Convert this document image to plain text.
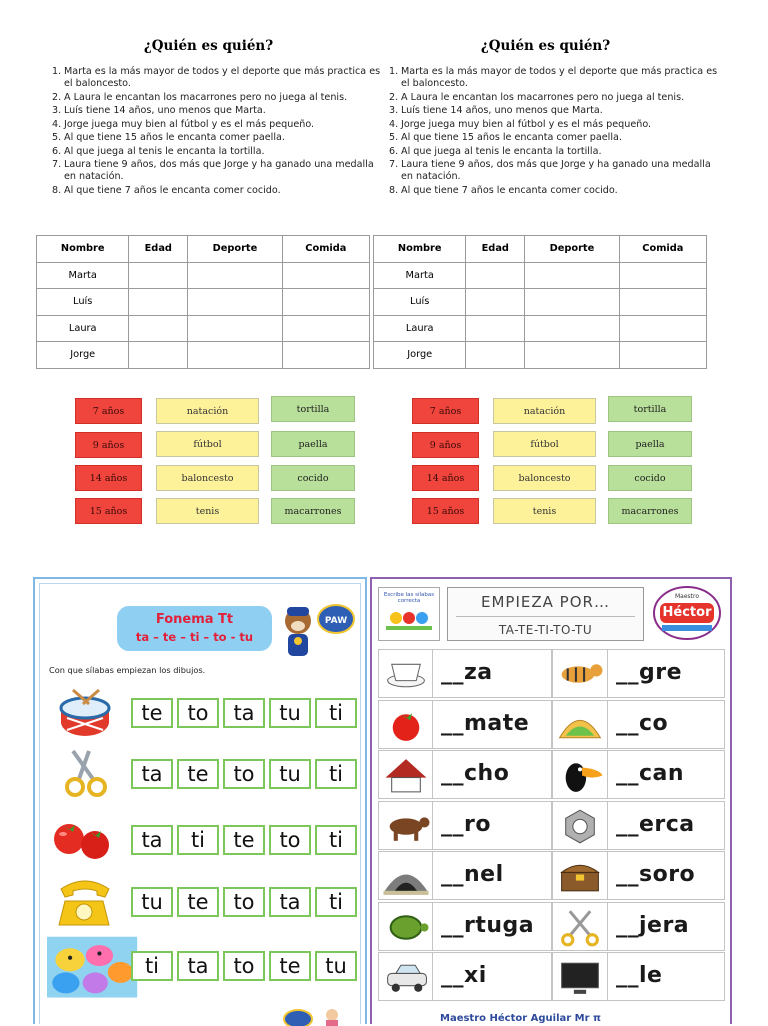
¿Quién es quién?
1. Marta es la más mayor de todos y el deporte que más practica es el baloncesto.
2. A Laura le encantan los macarrones pero no juega al tenis.
3. Luís tiene 14 años, uno menos que Marta.
4. Jorge juega muy bien al fútbol y es el más pequeño.
5. Al que tiene 15 años le encanta comer paella.
6. Al que juega al tenis le encanta la tortilla.
7. Laura tiene 9 años, dos más que Jorge y ha ganado una medalla en natación.
8. Al que tiene 7 años le encanta comer cocido.
Nombre	Edad	Deporte	Comida
Marta			
Luís			
Laura			
Jorge			
7 años
9 años
14 años
15 años
natación
fútbol
baloncesto
tenis
tortilla
paella
cocido
macarrones
¿Quién es quién?
1. Marta es la más mayor de todos y el deporte que más practica es el baloncesto.
2. A Laura le encantan los macarrones pero no juega al tenis.
3. Luís tiene 14 años, uno menos que Marta.
4. Jorge juega muy bien al fútbol y es el más pequeño.
5. Al que tiene 15 años le encanta comer paella.
6. Al que juega al tenis le encanta la tortilla.
7. Laura tiene 9 años, dos más que Jorge y ha ganado una medalla en natación.
8. Al que tiene 7 años le encanta comer cocido.
Nombre	Edad	Deporte	Comida
Marta			
Luís			
Laura			
Jorge			
7 años
9 años
14 años
15 años
natación
fútbol
baloncesto
tenis
tortilla
paella
cocido
macarrones
Fonema Tt
ta – te – ti – to - tu
PAW
Con que sílabas empiezan los dibujos.
te	to	ta	tu	ti
ta	te	to	tu	ti
ta	ti	te	to	ti
tu	te	to	ta	ti
ti	ta	to	te	tu
Escribe las sílabas correcta	EMPIEZA POR…
TA-TE-TI-TO-TU
Maestro
Héctor
__za	__gre
__mate	__co
__cho	__can
__ro	__erca
__nel	__soro
__rtuga	__jera
__xi	__le
Maestro Héctor Aguilar Mr π
